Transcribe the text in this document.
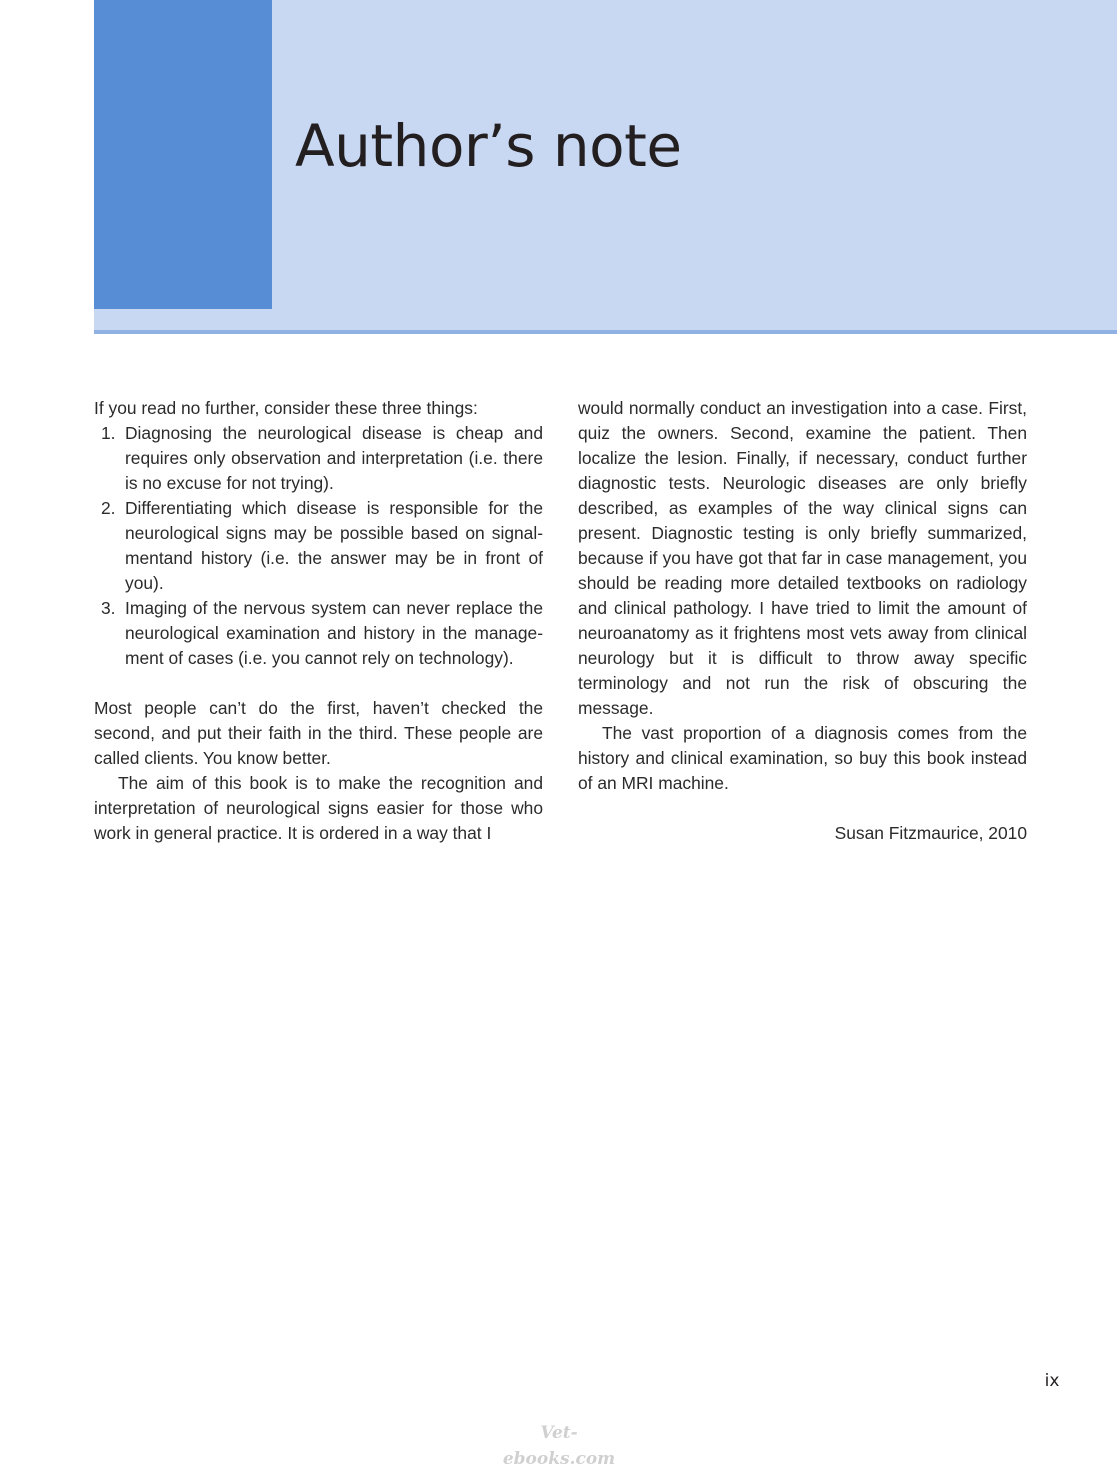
Author’s note

If you read no further, consider these three things:

1. Diagnosing the neurological disease is cheap and requires only observation and interpretation (i.e. there is no excuse for not trying).
2. Differentiating which disease is responsible for the neurological signs may be possible based on signalmentand history (i.e. the answer may be in front of you).
3. Imaging of the nervous system can never replace the neurological examination and history in the management of cases (i.e. you cannot rely on technology).

Most people can’t do the first, haven’t checked the second, and put their faith in the third. These people are called clients. You know better.

The aim of this book is to make the recognition and interpretation of neurological signs easier for those who work in general practice. It is ordered in a way that I

would normally conduct an investigation into a case. First, quiz the owners. Second, examine the patient. Then localize the lesion. Finally, if necessary, conduct further diagnostic tests. Neurologic diseases are only briefly described, as examples of the way clinical signs can present. Diagnostic testing is only briefly summarized, because if you have got that far in case management, you should be reading more detailed textbooks on radiology and clinical pathology. I have tried to limit the amount of neuroanatomy as it frightens most vets away from clinical neurology but it is difficult to throw away specific terminology and not run the risk of obscuring the message.

The vast proportion of a diagnosis comes from the history and clinical examination, so buy this book instead of an MRI machine.

Susan Fitzmaurice, 2010

ix
Vet-ebooks.com
